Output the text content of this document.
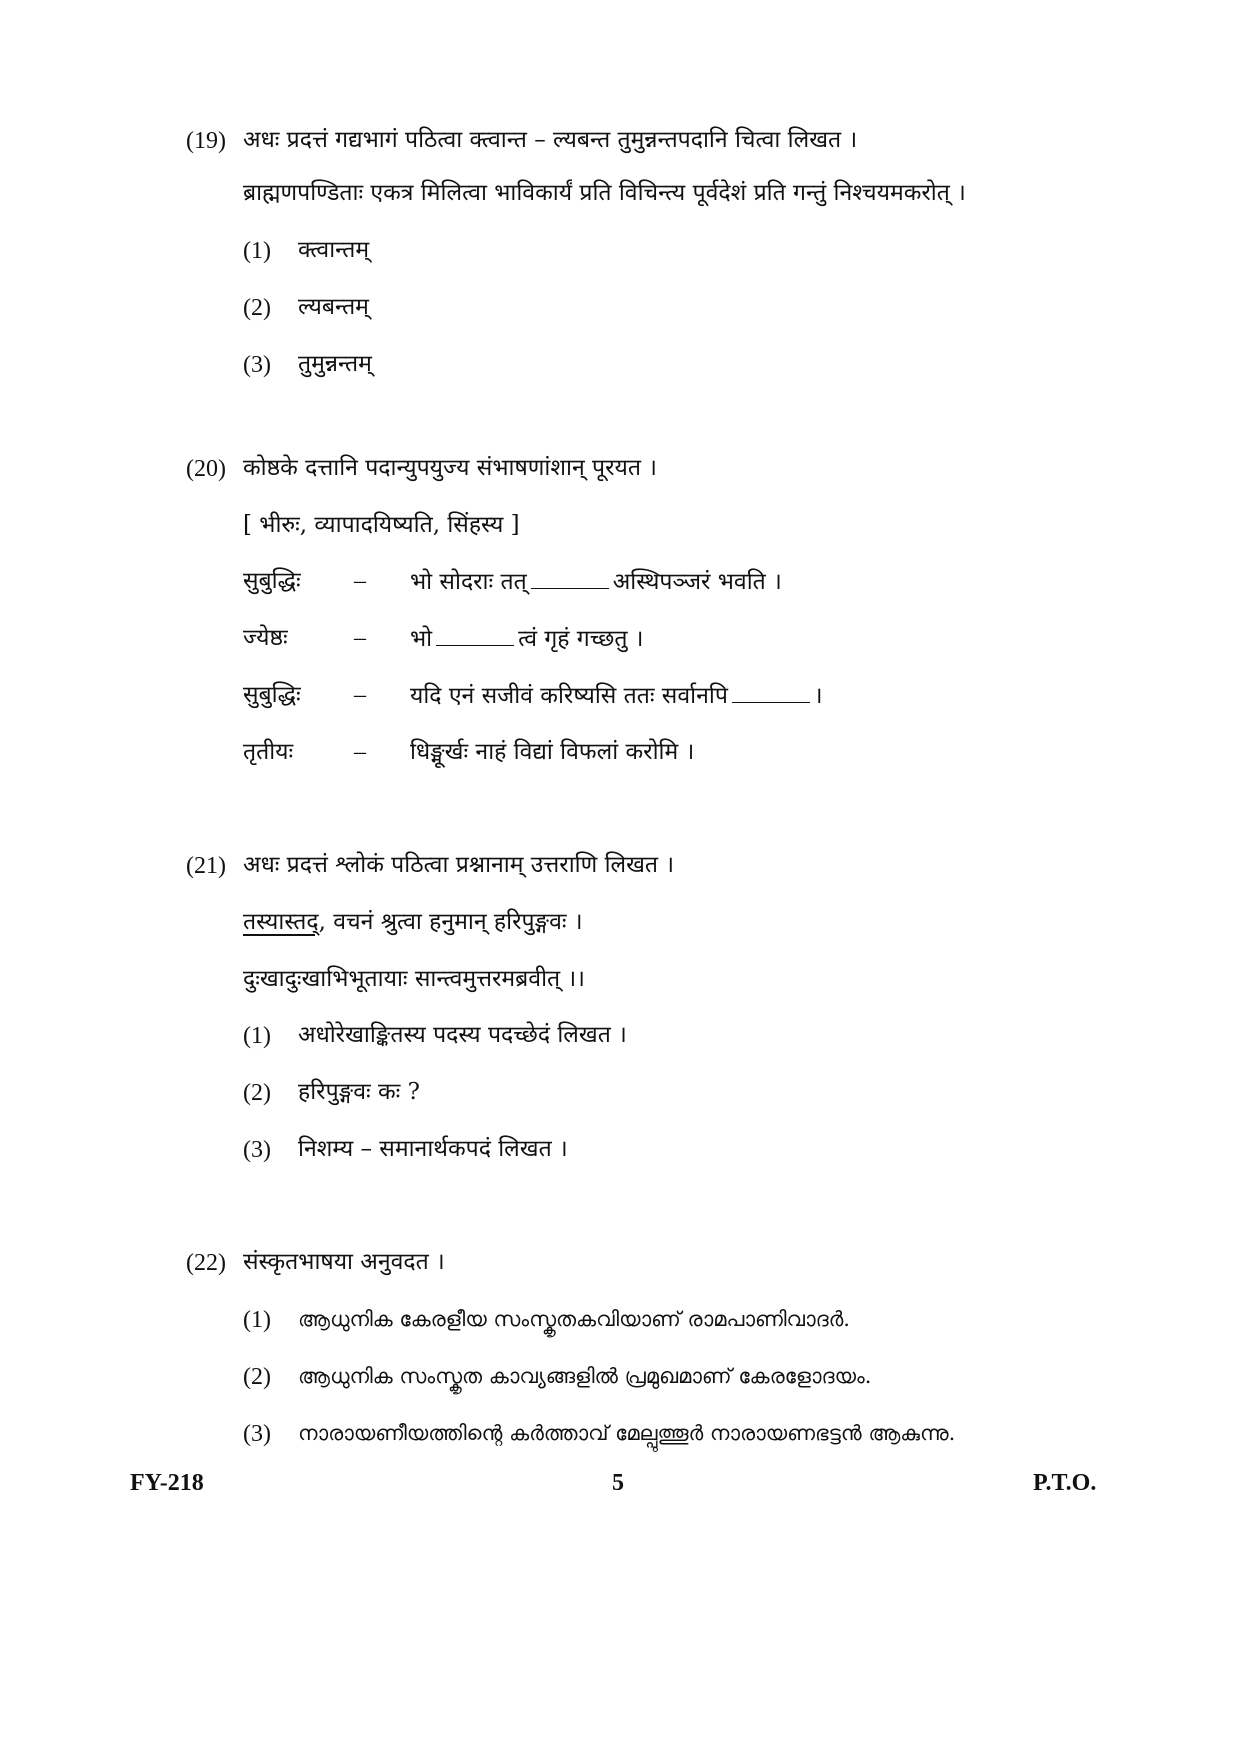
(19) अधः प्रदत्तं गद्यभागं पठित्वा क्त्वान्त – ल्यबन्त तुमुन्नन्तपदानि चित्वा लिखत ।
ब्राह्मणपण्डिताः एकत्र मिलित्वा भाविकार्यं प्रति विचिन्त्य पूर्वदेशं प्रति गन्तुं निश्चयमकरोत् ।
(1) क्त्वान्तम्
(2) ल्यबन्तम्
(3) तुमुन्नन्तम्
(20) कोष्ठके दत्तानि पदान्युपयुज्य संभाषणांशान् पूरयत ।
[ भीरुः, व्यापादयिष्यति, सिंहस्य ]
सुबुद्धिः – भो सोदराः तत्	अस्थिपञ्जरं भवति ।
ज्येष्ठः	– भो	त्वं गृहं गच्छतु ।
सुबुद्धिः – यदि एनं सजीवं करिष्यसि ततः सर्वानपि	।
तृतीयः	– धिङ्मूर्खः नाहं विद्यां विफलां करोमि ।
(21) अधः प्रदत्तं श्लोकं पठित्वा प्रश्नानाम् उत्तराणि लिखत ।
तस्यास्तद्, वचनं श्रुत्वा हनुमान् हरिपुङ्गवः ।
दुःखादुःखाभिभूतायाः सान्त्वमुत्तरमब्रवीत् ।।
(1) अधोरेखाङ्कितस्य पदस्य पदच्छेदं लिखत ।
(2) हरिपुङ्गवः कः ?
(3) निशम्य – समानार्थकपदं लिखत ।
(22) संस्कृतभाषया अनुवदत ।
(1) ആധുനിക കേരളീയ സംസ്കൃതകവിയാണ് രാമപാണിവാദർ.
(2) ആധുനിക സംസ്കൃത കാവ്യങ്ങളിൽ പ്രമുഖമാണ് കേരളോദയം.
(3) നാരായണീയത്തിന്റെ കർത്താവ് മേല്പുത്തൂർ നാരായണഭട്ടൻ ആകുന്നു.
FY-218	5	P.T.O.
